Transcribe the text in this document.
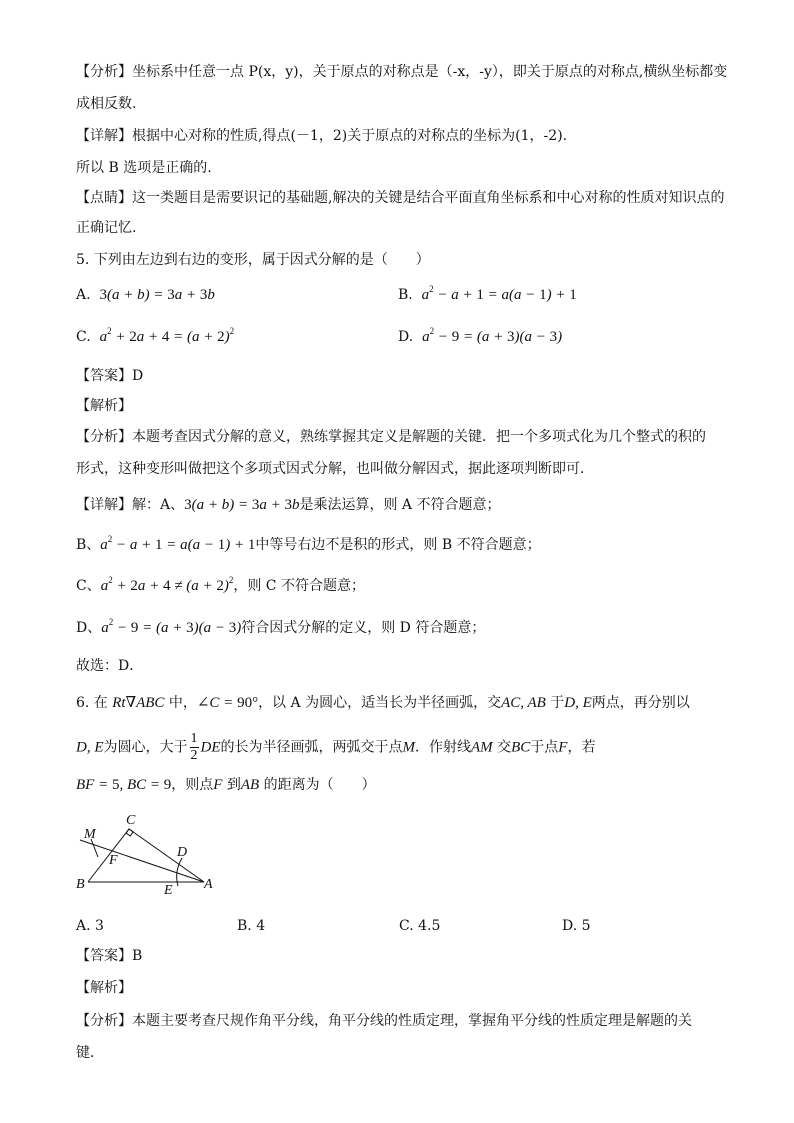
【分析】坐标系中任意一点 P(x，y)，关于原点的对称点是（-x，-y），即关于原点的对称点,横纵坐标都变
成相反数.
【详解】根据中心对称的性质,得点(－1，2)关于原点的对称点的坐标为(1，-2).
所以 B 选项是正确的.
【点睛】这一类题目是需要识记的基础题,解决的关键是结合平面直角坐标系和中心对称的性质对知识点的
正确记忆.
5. 下列由左边到右边的变形，属于因式分解的是（　　）
A. 3(a + b) = 3a + 3b	B. $a^2 - a + 1 = a(a - 1) + 1$
C. $a^2 + 2a + 4 = (a + 2)^2$	D. $a^2 - 9 = (a + 3)(a - 3)$
【答案】D
【解析】
【分析】本题考查因式分解的意义，熟练掌握其定义是解题的关键．把一个多项式化为几个整式的积的
形式，这种变形叫做把这个多项式因式分解，也叫做分解因式，据此逐项判断即可．
【详解】解：A、3(a + b) = 3a + 3b是乘法运算，则 A 不符合题意；
B、$a^2 - a + 1 = a(a - 1) + 1$中等号右边不是积的形式，则 B 不符合题意；
C、$a^2 + 2a + 4 \ne (a + 2)^2$，则 C 不符合题意；
D、$a^2 - 9 = (a + 3)(a - 3)$符合因式分解的定义，则 D 符合题意；
故选：D．
6. 在 Rt∇ABC 中，∠C = 90°，以 A 为圆心，适当长为半径画弧，交AC, AB 于D, E两点，再分别以
D, E为圆心，大于 $\frac{1}{2}$ DE的长为半径画弧，两弧交于点M．作射线AM 交BC于点F，若
BF = 5, BC = 9，则点F 到AB 的距离为（　　）
M
C
F
D
B	E A
A. 3	B. 4	C. 4.5	D. 5
【答案】B
【解析】
【分析】本题主要考查尺规作角平分线，角平分线的性质定理，掌握角平分线的性质定理是解题的关
键．
